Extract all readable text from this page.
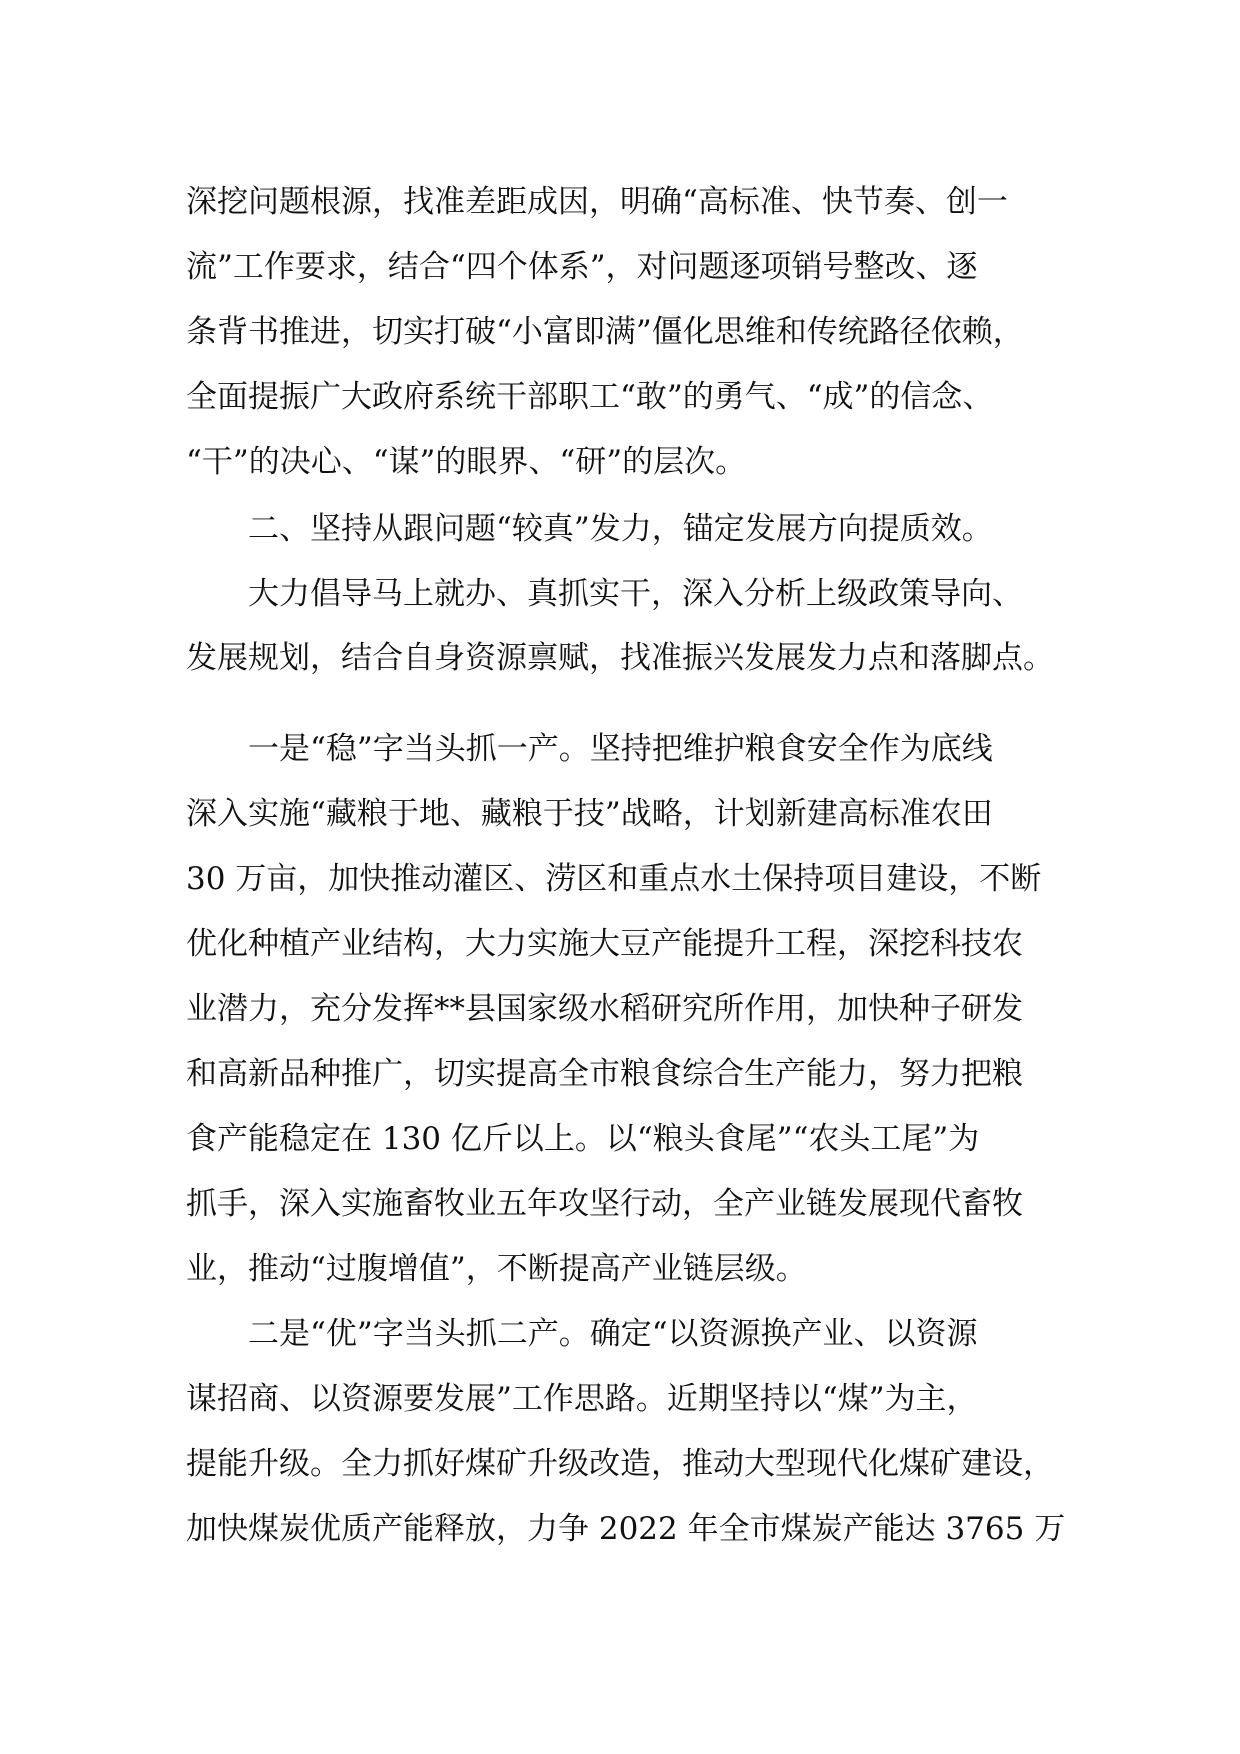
深挖问题根源，找准差距成因，明确“高标准、快节奏、创一
流”工作要求，结合“四个体系”，对问题逐项销号整改、逐
条背书推进，切实打破“小富即满”僵化思维和传统路径依赖，
全面提振广大政府系统干部职工“敢”的勇气、“成”的信念、
“干”的决心、“谋”的眼界、“研”的层次。
二、坚持从跟问题“较真”发力，锚定发展方向提质效。
大力倡导马上就办、真抓实干，深入分析上级政策导向、
发展规划，结合自身资源禀赋，找准振兴发展发力点和落脚点。
一是“稳”字当头抓一产。坚持把维护粮食安全作为底线
深入实施“藏粮于地、藏粮于技”战略，计划新建高标准农田
30 万亩，加快推动灌区、涝区和重点水土保持项目建设，不断
优化种植产业结构，大力实施大豆产能提升工程，深挖科技农
业潜力，充分发挥**县国家级水稻研究所作用，加快种子研发
和高新品种推广，切实提高全市粮食综合生产能力，努力把粮
食产能稳定在 130 亿斤以上。以“粮头食尾”“农头工尾”为
抓手，深入实施畜牧业五年攻坚行动，全产业链发展现代畜牧
业，推动“过腹增值”，不断提高产业链层级。
二是“优”字当头抓二产。确定“以资源换产业、以资源
谋招商、以资源要发展”工作思路。近期坚持以“煤”为主，
提能升级。全力抓好煤矿升级改造，推动大型现代化煤矿建设，
加快煤炭优质产能释放，力争 2022 年全市煤炭产能达 3765 万
